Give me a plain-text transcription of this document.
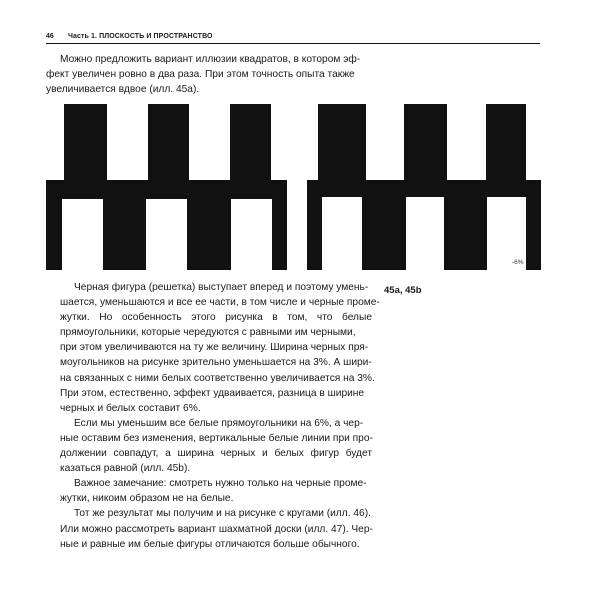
46 Часть 1. ПЛОСКОСТЬ И ПРОСТРАНСТВО
Можно предложить вариант иллюзии квадратов, в котором эф-
фект увеличен ровно в два раза. При этом точность опыта также
увеличивается вдвое (илл. 45а).
-6%
45a, 45b
Черная фигура (решетка) выступает вперед и поэтому умень-
шается, уменьшаются и все ее части, в том числе и черные проме-
жутки. Но особенность этого рисунка в том, что белые
прямоугольники, которые чередуются с равными им черными,
при этом увеличиваются на ту же величину. Ширина черных пря-
моугольников на рисунке зрительно уменьшается на 3%. А шири-
на связанных с ними белых соответственно увеличивается на 3%.
При этом, естественно, эффект удваивается, разница в ширине
черных и белых составит 6%.
Если мы уменьшим все белые прямоугольники на 6%, а чер-
ные оставим без изменения, вертикальные белые линии при про-
должении совпадут, а ширина черных и белых фигур будет
казаться равной (илл. 45b).
Важное замечание: смотреть нужно только на черные проме-
жутки, никоим образом не на белые.
Тот же результат мы получим и на рисунке с кругами (илл. 46).
Или можно рассмотреть вариант шахматной доски (илл. 47). Чер-
ные и равные им белые фигуры отличаются больше обычного.
